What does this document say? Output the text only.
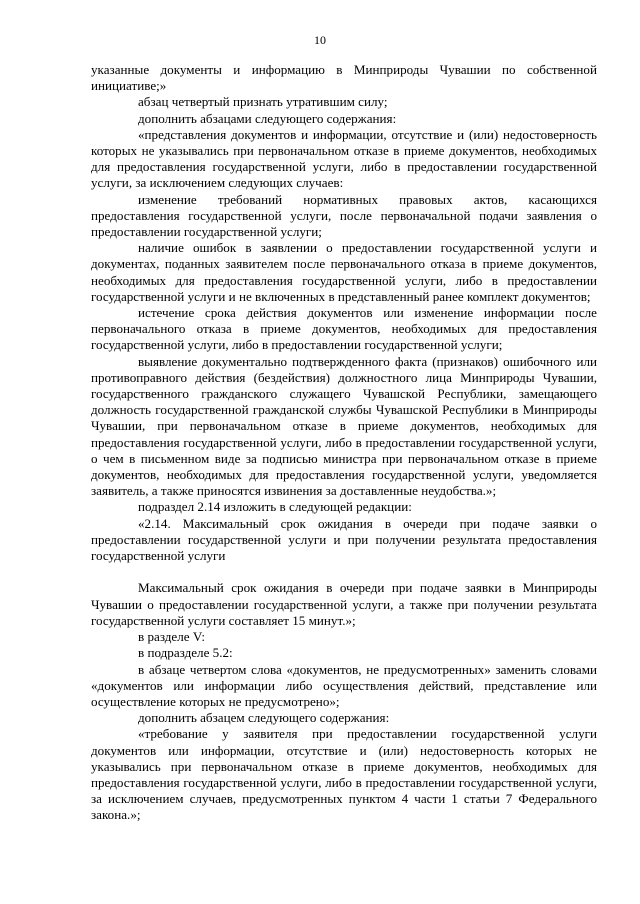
10

указанные документы и информацию в Минприроды Чувашии по собственной инициативе;»

абзац четвертый признать утратившим силу;

дополнить абзацами следующего содержания:

«представления документов и информации, отсутствие и (или) недостоверность которых не указывались при первоначальном отказе в приеме документов, необходимых для предоставления государственной услуги, либо в предоставлении государственной услуги, за исключением следующих случаев:

изменение требований нормативных правовых актов, касающихся предоставления государственной услуги, после первоначальной подачи заявления о предоставлении государственной услуги;

наличие ошибок в заявлении о предоставлении государственной услуги и документах, поданных заявителем после первоначального отказа в приеме документов, необходимых для предоставления государственной услуги, либо в предоставлении государственной услуги и не включенных в представленный ранее комплект документов;

истечение срока действия документов или изменение информации после первоначального отказа в приеме документов, необходимых для предоставления государственной услуги, либо в предоставлении государственной услуги;

выявление документально подтвержденного факта (признаков) ошибочного или противоправного действия (бездействия) должностного лица Минприроды Чувашии, государственного гражданского служащего Чувашской Республики, замещающего должность государственной гражданской службы Чувашской Республики в Минприроды Чувашии, при первоначальном отказе в приеме документов, необходимых для предоставления государственной услуги, либо в предоставлении государственной услуги, о чем в письменном виде за подписью министра при первоначальном отказе в приеме документов, необходимых для предоставления государственной услуги, уведомляется заявитель, а также приносятся извинения за доставленные неудобства.»;

подраздел 2.14 изложить в следующей редакции:

«2.14. Максимальный срок ожидания в очереди при подаче заявки о предоставлении государственной услуги и при получении результата предоставления государственной услуги

Максимальный срок ожидания в очереди при подаче заявки в Минприроды Чувашии о предоставлении государственной услуги, а также при получении результата государственной услуги составляет 15 минут.»;

в разделе V:

в подразделе 5.2:

в абзаце четвертом слова «документов, не предусмотренных» заменить словами «документов или информации либо осуществления действий, представление или осуществление которых не предусмотрено»;

дополнить абзацем следующего содержания:

«требование у заявителя при предоставлении государственной услуги документов или информации, отсутствие и (или) недостоверность которых не указывались при первоначальном отказе в приеме документов, необходимых для предоставления государственной услуги, либо в предоставлении государственной услуги, за исключением случаев, предусмотренных пунктом 4 части 1 статьи 7 Федерального закона.»;
